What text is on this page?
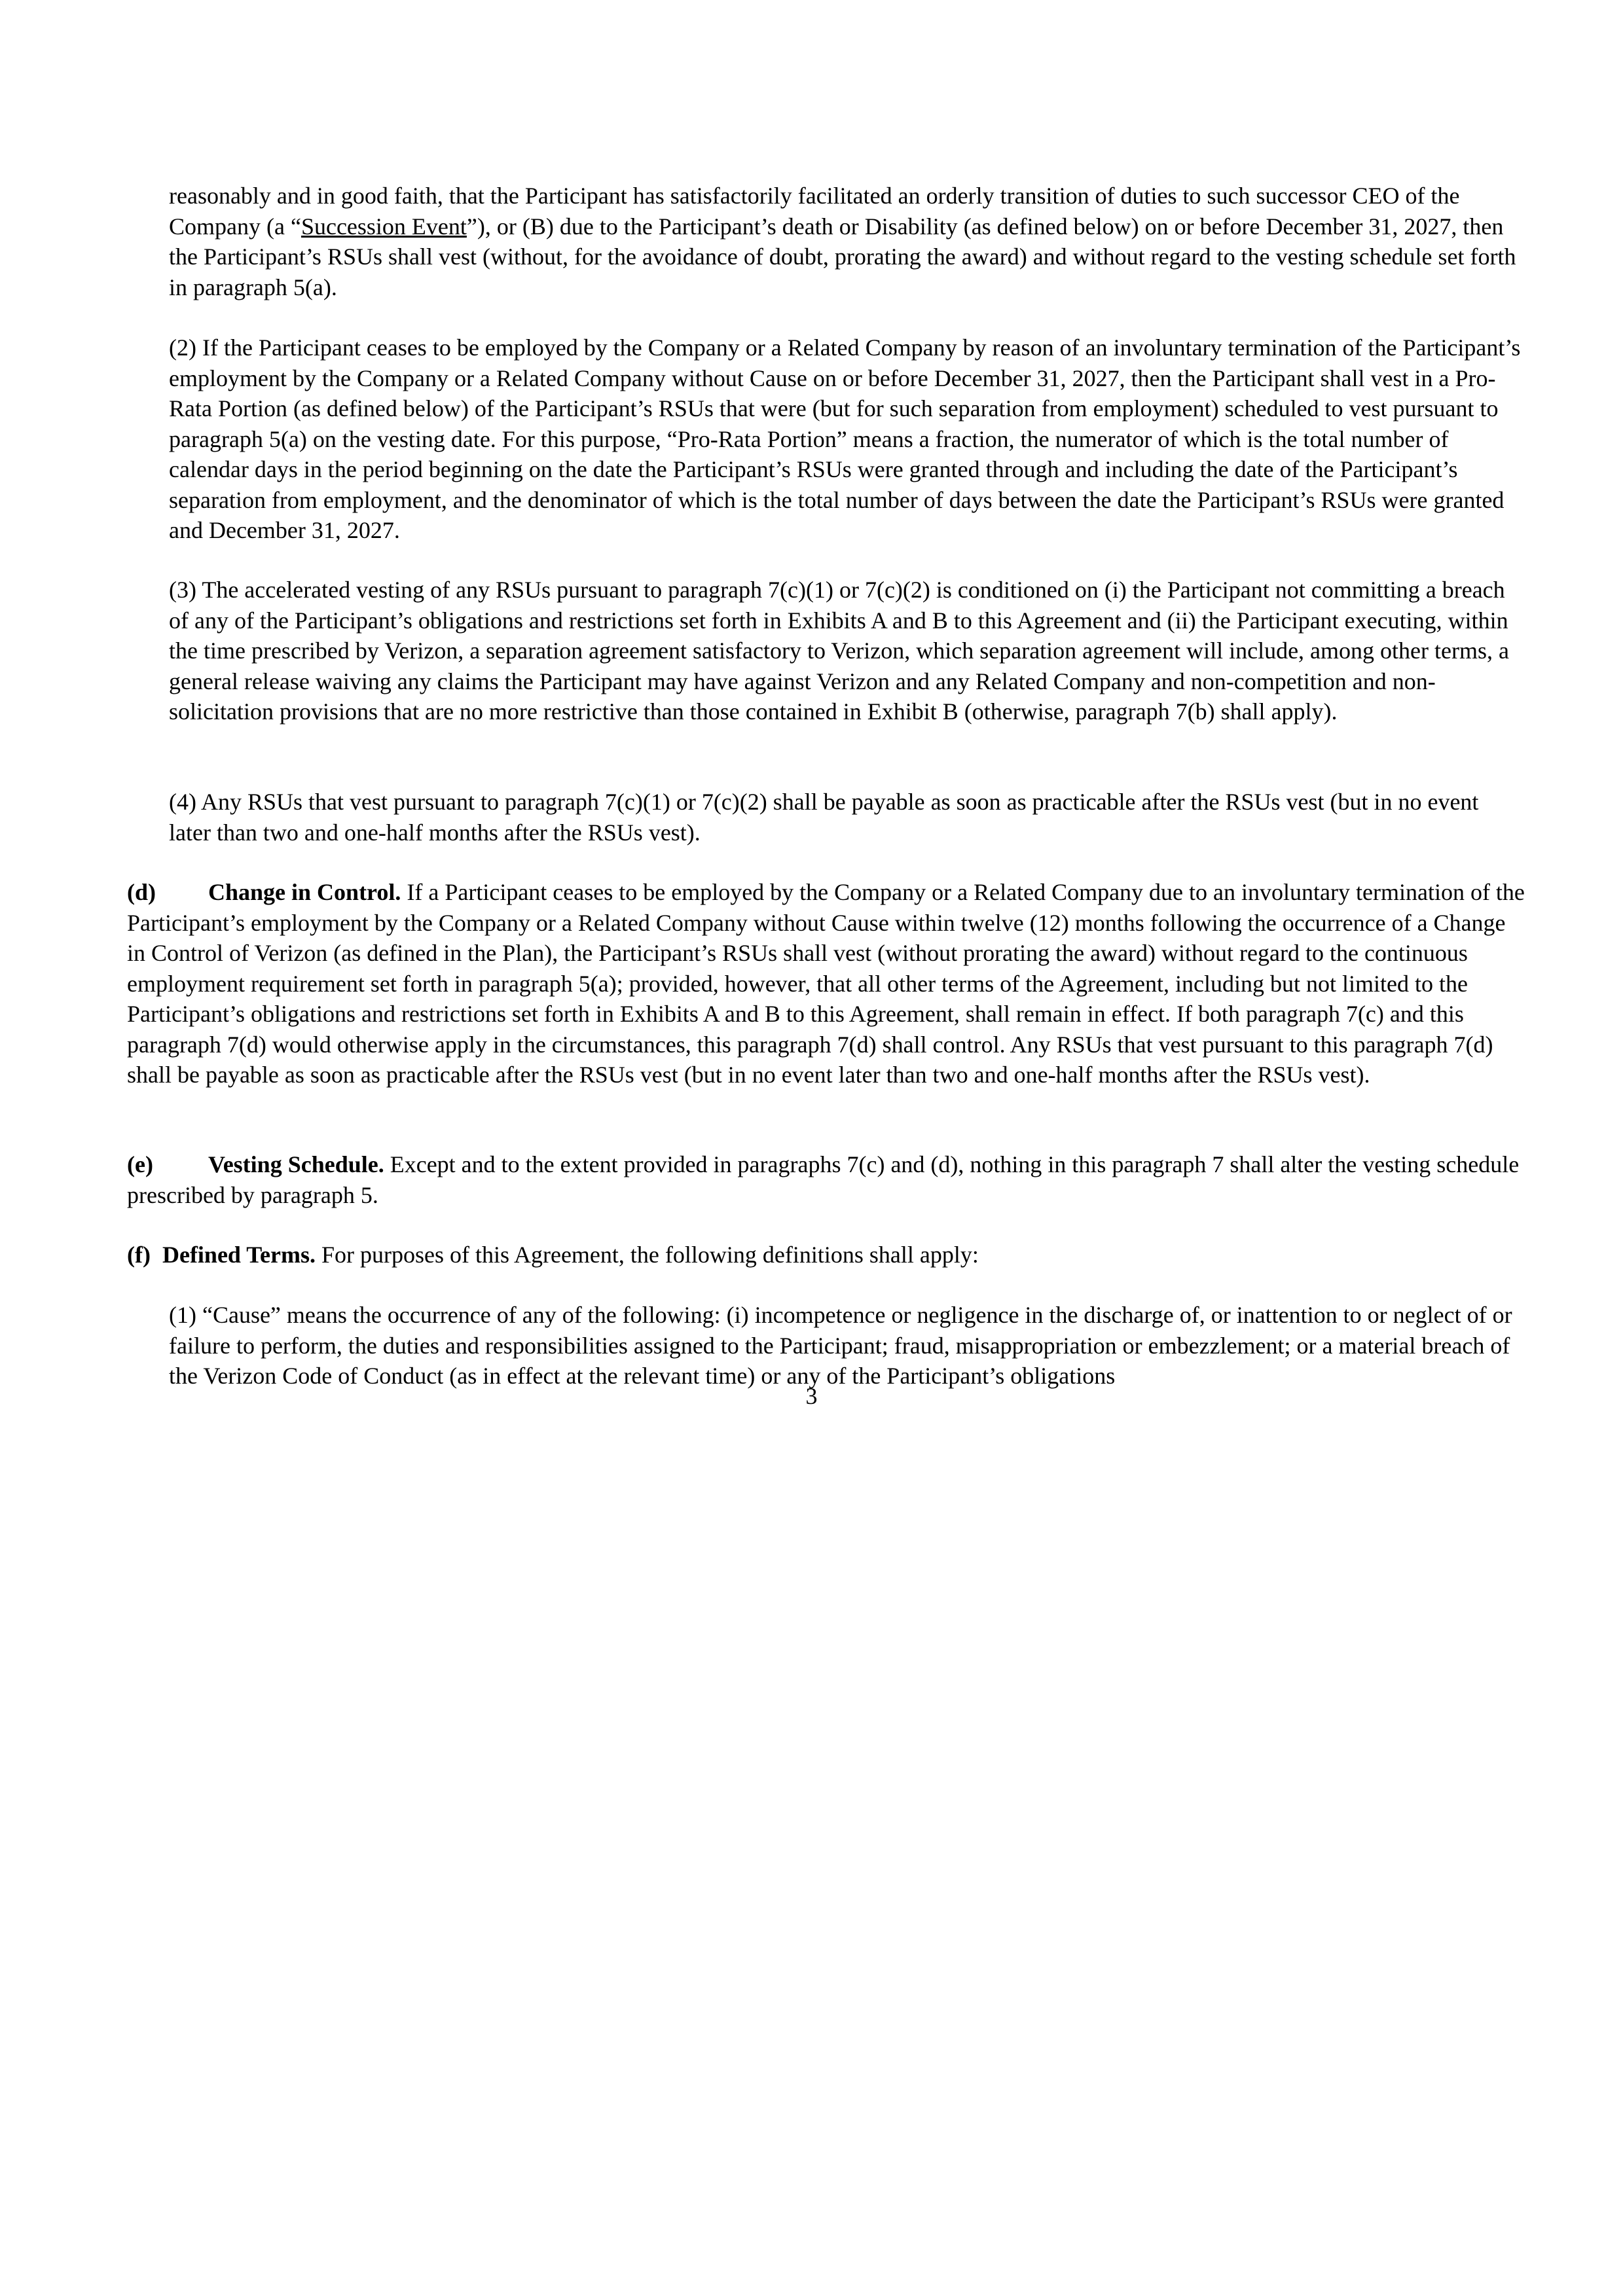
reasonably and in good faith, that the Participant has satisfactorily facilitated an orderly transition of duties to such successor CEO of the Company (a “Succession Event”), or (B) due to the Participant’s death or Disability (as defined below) on or before December 31, 2027, then the Participant’s RSUs shall vest (without, for the avoidance of doubt, prorating the award) and without regard to the vesting schedule set forth in paragraph 5(a).

(2) If the Participant ceases to be employed by the Company or a Related Company by reason of an involuntary termination of the Participant’s employment by the Company or a Related Company without Cause on or before December 31, 2027, then the Participant shall vest in a Pro-Rata Portion (as defined below) of the Participant’s RSUs that were (but for such separation from employment) scheduled to vest pursuant to paragraph 5(a) on the vesting date. For this purpose, “Pro-Rata Portion” means a fraction, the numerator of which is the total number of calendar days in the period beginning on the date the Participant’s RSUs were granted through and including the date of the Participant’s separation from employment, and the denominator of which is the total number of days between the date the Participant’s RSUs were granted and December 31, 2027.

(3) The accelerated vesting of any RSUs pursuant to paragraph 7(c)(1) or 7(c)(2) is conditioned on (i) the Participant not committing a breach of any of the Participant’s obligations and restrictions set forth in Exhibits A and B to this Agreement and (ii) the Participant executing, within the time prescribed by Verizon, a separation agreement satisfactory to Verizon, which separation agreement will include, among other terms, a general release waiving any claims the Participant may have against Verizon and any Related Company and non-competition and non-solicitation provisions that are no more restrictive than those contained in Exhibit B (otherwise, paragraph 7(b) shall apply).

(4) Any RSUs that vest pursuant to paragraph 7(c)(1) or 7(c)(2) shall be payable as soon as practicable after the RSUs vest (but in no event later than two and one-half months after the RSUs vest).

(d) Change in Control. If a Participant ceases to be employed by the Company or a Related Company due to an involuntary termination of the Participant’s employment by the Company or a Related Company without Cause within twelve (12) months following the occurrence of a Change in Control of Verizon (as defined in the Plan), the Participant’s RSUs shall vest (without prorating the award) without regard to the continuous employment requirement set forth in paragraph 5(a); provided, however, that all other terms of the Agreement, including but not limited to the Participant’s obligations and restrictions set forth in Exhibits A and B to this Agreement, shall remain in effect. If both paragraph 7(c) and this paragraph 7(d) would otherwise apply in the circumstances, this paragraph 7(d) shall control. Any RSUs that vest pursuant to this paragraph 7(d) shall be payable as soon as practicable after the RSUs vest (but in no event later than two and one-half months after the RSUs vest).

(e) Vesting Schedule. Except and to the extent provided in paragraphs 7(c) and (d), nothing in this paragraph 7 shall alter the vesting schedule prescribed by paragraph 5.

(f) Defined Terms. For purposes of this Agreement, the following definitions shall apply:

(1) “Cause” means the occurrence of any of the following: (i) incompetence or negligence in the discharge of, or inattention to or neglect of or failure to perform, the duties and responsibilities assigned to the Participant; fraud, misappropriation or embezzlement; or a material breach of the Verizon Code of Conduct (as in effect at the relevant time) or any of the Participant’s obligations

3
